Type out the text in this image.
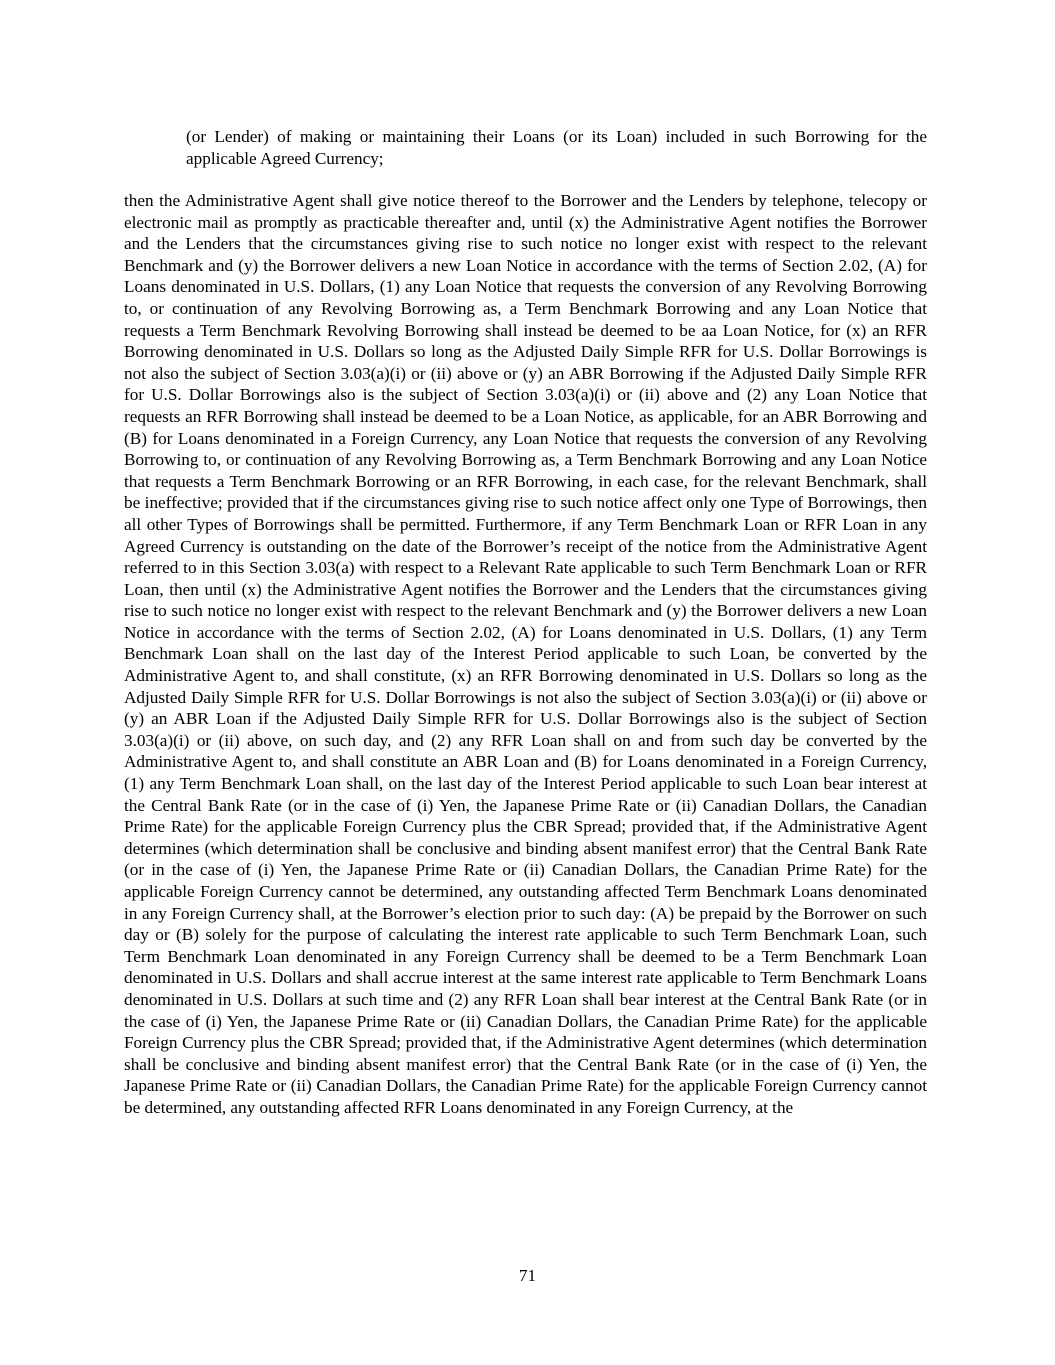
(or Lender) of making or maintaining their Loans (or its Loan) included in such Borrowing for the applicable Agreed Currency;

then the Administrative Agent shall give notice thereof to the Borrower and the Lenders by telephone, telecopy or electronic mail as promptly as practicable thereafter and, until (x) the Administrative Agent notifies the Borrower and the Lenders that the circumstances giving rise to such notice no longer exist with respect to the relevant Benchmark and (y) the Borrower delivers a new Loan Notice in accordance with the terms of Section 2.02, (A) for Loans denominated in U.S. Dollars, (1) any Loan Notice that requests the conversion of any Revolving Borrowing to, or continuation of any Revolving Borrowing as, a Term Benchmark Borrowing and any Loan Notice that requests a Term Benchmark Revolving Borrowing shall instead be deemed to be aa Loan Notice, for (x) an RFR Borrowing denominated in U.S. Dollars so long as the Adjusted Daily Simple RFR for U.S. Dollar Borrowings is not also the subject of Section 3.03(a)(i) or (ii) above or (y) an ABR Borrowing if the Adjusted Daily Simple RFR for U.S. Dollar Borrowings also is the subject of Section 3.03(a)(i) or (ii) above and (2) any Loan Notice that requests an RFR Borrowing shall instead be deemed to be a Loan Notice, as applicable, for an ABR Borrowing and (B) for Loans denominated in a Foreign Currency, any Loan Notice that requests the conversion of any Revolving Borrowing to, or continuation of any Revolving Borrowing as, a Term Benchmark Borrowing and any Loan Notice that requests a Term Benchmark Borrowing or an RFR Borrowing, in each case, for the relevant Benchmark, shall be ineffective; provided that if the circumstances giving rise to such notice affect only one Type of Borrowings, then all other Types of Borrowings shall be permitted. Furthermore, if any Term Benchmark Loan or RFR Loan in any Agreed Currency is outstanding on the date of the Borrower’s receipt of the notice from the Administrative Agent referred to in this Section 3.03(a) with respect to a Relevant Rate applicable to such Term Benchmark Loan or RFR Loan, then until (x) the Administrative Agent notifies the Borrower and the Lenders that the circumstances giving rise to such notice no longer exist with respect to the relevant Benchmark and (y) the Borrower delivers a new Loan Notice in accordance with the terms of Section 2.02, (A) for Loans denominated in U.S. Dollars, (1) any Term Benchmark Loan shall on the last day of the Interest Period applicable to such Loan, be converted by the Administrative Agent to, and shall constitute, (x) an RFR Borrowing denominated in U.S. Dollars so long as the Adjusted Daily Simple RFR for U.S. Dollar Borrowings is not also the subject of Section 3.03(a)(i) or (ii) above or (y) an ABR Loan if the Adjusted Daily Simple RFR for U.S. Dollar Borrowings also is the subject of Section 3.03(a)(i) or (ii) above, on such day, and (2) any RFR Loan shall on and from such day be converted by the Administrative Agent to, and shall constitute an ABR Loan and (B) for Loans denominated in a Foreign Currency, (1) any Term Benchmark Loan shall, on the last day of the Interest Period applicable to such Loan bear interest at the Central Bank Rate (or in the case of (i) Yen, the Japanese Prime Rate or (ii) Canadian Dollars, the Canadian Prime Rate) for the applicable Foreign Currency plus the CBR Spread; provided that, if the Administrative Agent determines (which determination shall be conclusive and binding absent manifest error) that the Central Bank Rate (or in the case of (i) Yen, the Japanese Prime Rate or (ii) Canadian Dollars, the Canadian Prime Rate) for the applicable Foreign Currency cannot be determined, any outstanding affected Term Benchmark Loans denominated in any Foreign Currency shall, at the Borrower’s election prior to such day: (A) be prepaid by the Borrower on such day or (B) solely for the purpose of calculating the interest rate applicable to such Term Benchmark Loan, such Term Benchmark Loan denominated in any Foreign Currency shall be deemed to be a Term Benchmark Loan denominated in U.S. Dollars and shall accrue interest at the same interest rate applicable to Term Benchmark Loans denominated in U.S. Dollars at such time and (2) any RFR Loan shall bear interest at the Central Bank Rate (or in the case of (i) Yen, the Japanese Prime Rate or (ii) Canadian Dollars, the Canadian Prime Rate) for the applicable Foreign Currency plus the CBR Spread; provided that, if the Administrative Agent determines (which determination shall be conclusive and binding absent manifest error) that the Central Bank Rate (or in the case of (i) Yen, the Japanese Prime Rate or (ii) Canadian Dollars, the Canadian Prime Rate) for the applicable Foreign Currency cannot be determined, any outstanding affected RFR Loans denominated in any Foreign Currency, at the

71
